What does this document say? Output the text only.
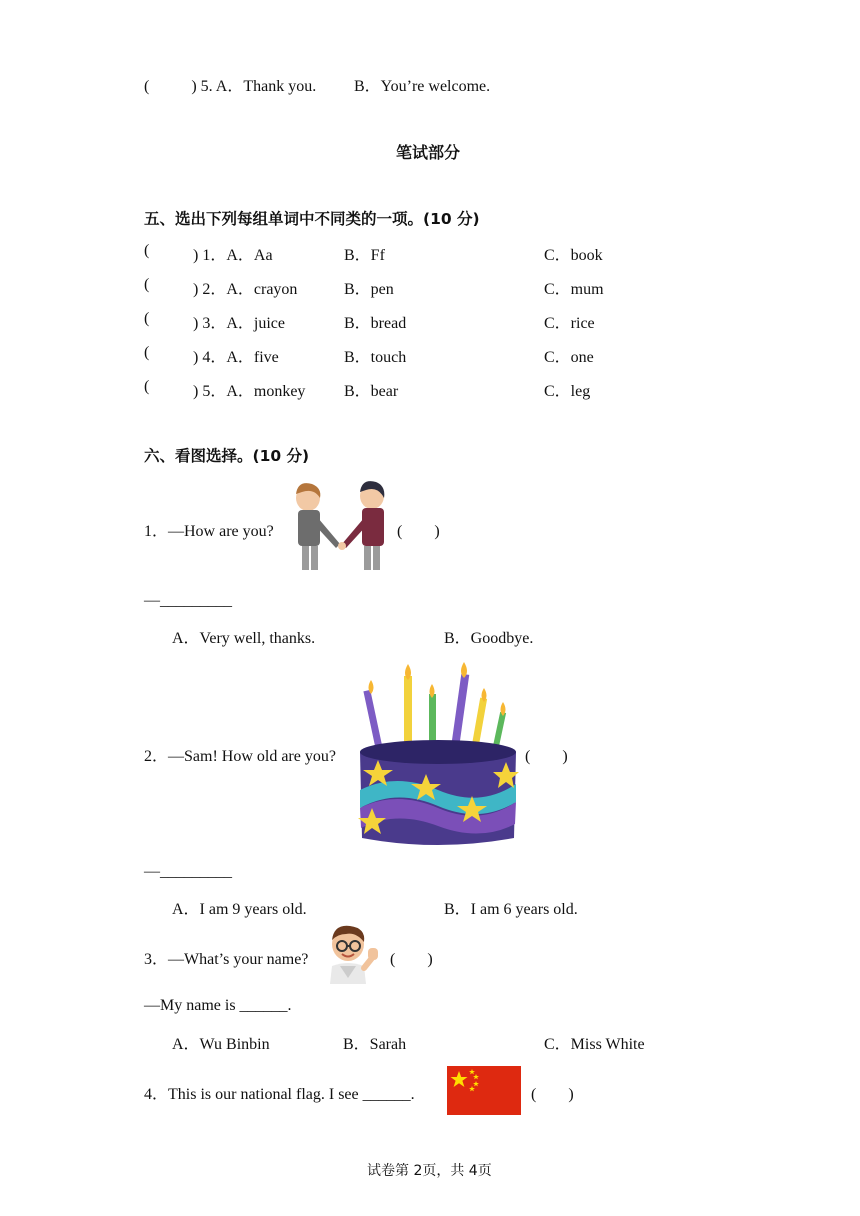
(	) 5. A．Thank you. B．You’re welcome.
笔试部分
五、选出下列每组单词中不同类的一项。(10 分)
(	) 1．A．Aa	B．Ff	C．book
(	) 2．A．crayon	B．pen	C．mum
(	) 3．A．juice	B．bread	C．rice
(	) 4．A．five	B．touch	C．one
(	) 5．A．monkey B．bear	C．leg
六、看图选择。(10 分)
1．—How are you?	(　　)
—_________
A．Very well, thanks.	B．Goodbye.
2．—Sam! How old are you?	(　　)
—_________
A．I am 9 years old.	B．I am 6 years old.
3．—What’s your name?	(　　)
—My name is ______.
A．Wu Binbin	B．Sarah	C．Miss White
4．This is our national flag. I see ______.	(　　)
试卷第 2页，共 4页
